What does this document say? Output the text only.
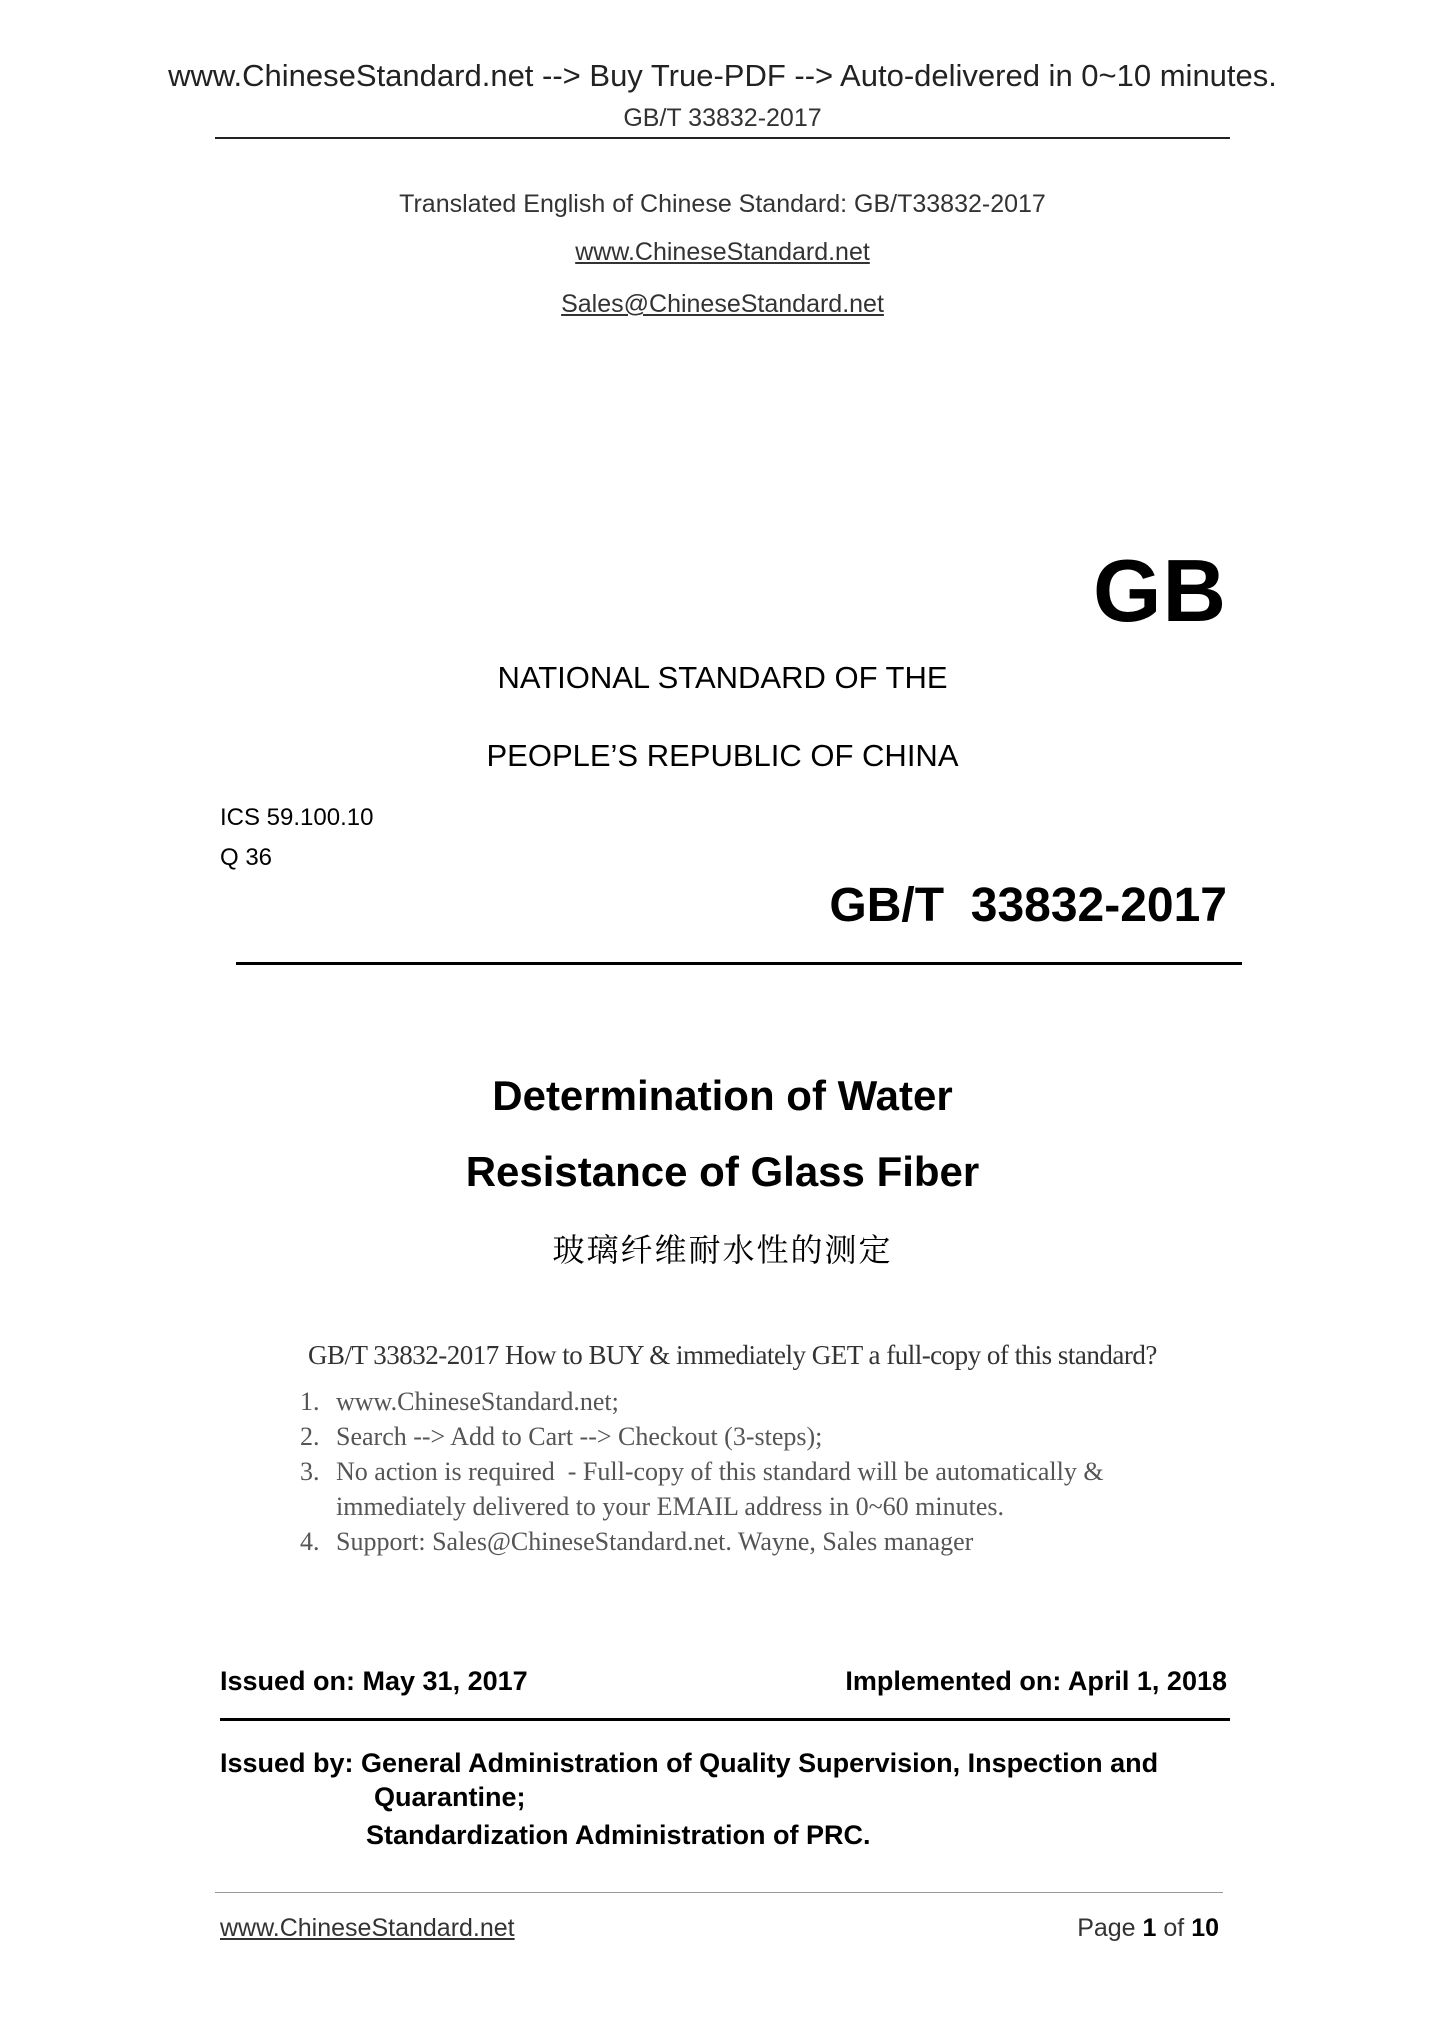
www.ChineseStandard.net --> Buy True-PDF --> Auto-delivered in 0~10 minutes.
GB/T 33832-2017
Translated English of Chinese Standard: GB/T33832-2017
www.ChineseStandard.net
Sales@ChineseStandard.net
GB
NATIONAL STANDARD OF THE
PEOPLE’S REPUBLIC OF CHINA
ICS 59.100.10
Q 36
GB/T  33832-2017
Determination of Water
Resistance of Glass Fiber
玻璃纤维耐水性的测定
GB/T 33832-2017 How to BUY & immediately GET a full-copy of this standard?
1. www.ChineseStandard.net;
2. Search --> Add to Cart --> Checkout (3-steps);
3. No action is required  - Full-copy of this standard will be automatically & immediately delivered to your EMAIL address in 0~60 minutes.
4. Support: Sales@ChineseStandard.net. Wayne, Sales manager
Issued on: May 31, 2017	Implemented on: April 1, 2018
Issued by: General Administration of Quality Supervision, Inspection and
Quarantine;
Standardization Administration of PRC.
www.ChineseStandard.net	Page 1 of 10
